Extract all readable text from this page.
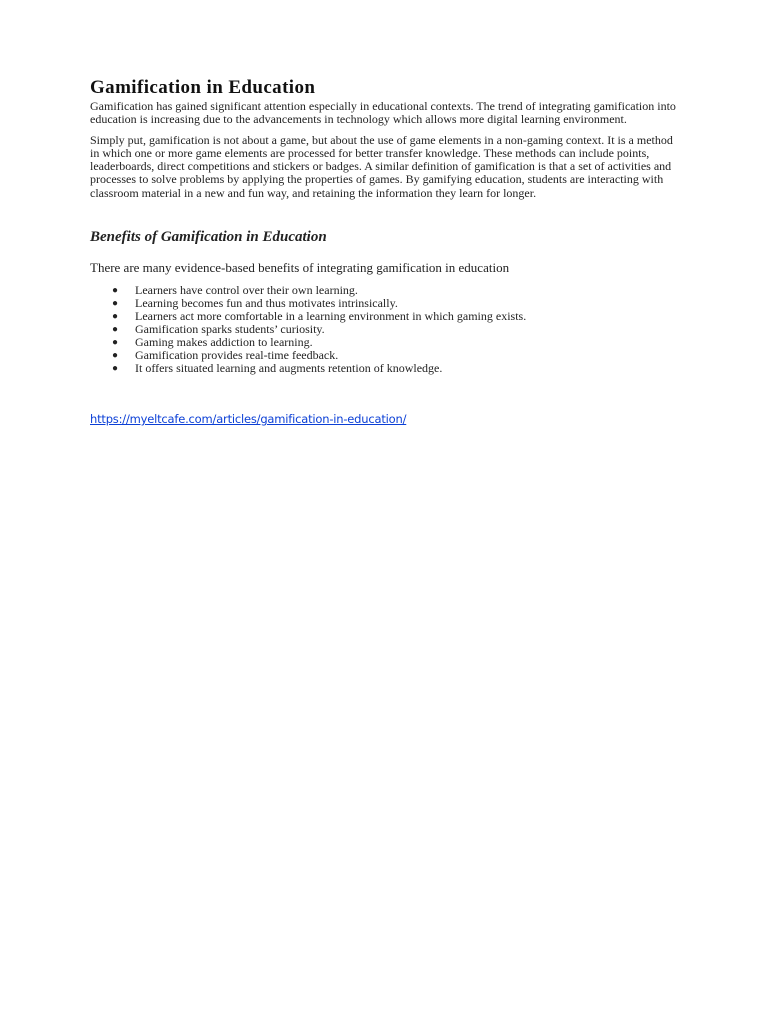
Gamification in Education

Gamification has gained significant attention especially in educational contexts. The trend of integrating gamification into education is increasing due to the advancements in technology which allows more digital learning environment.

Simply put, gamification is not about a game, but about the use of game elements in a non-gaming context. It is a method in which one or more game elements are processed for better transfer knowledge. These methods can include points, leaderboards, direct competitions and stickers or badges. A similar definition of gamification is that a set of activities and processes to solve problems by applying the properties of games. By gamifying education, students are interacting with classroom material in a new and fun way, and retaining the information they learn for longer.

Benefits of Gamification in Education

There are many evidence-based benefits of integrating gamification in education

● Learners have control over their own learning.
● Learning becomes fun and thus motivates intrinsically.
● Learners act more comfortable in a learning environment in which gaming exists.
● Gamification sparks students’ curiosity.
● Gaming makes addiction to learning.
● Gamification provides real-time feedback.
● It offers situated learning and augments retention of knowledge.
https://myeltcafe.com/articles/gamification-in-education/
